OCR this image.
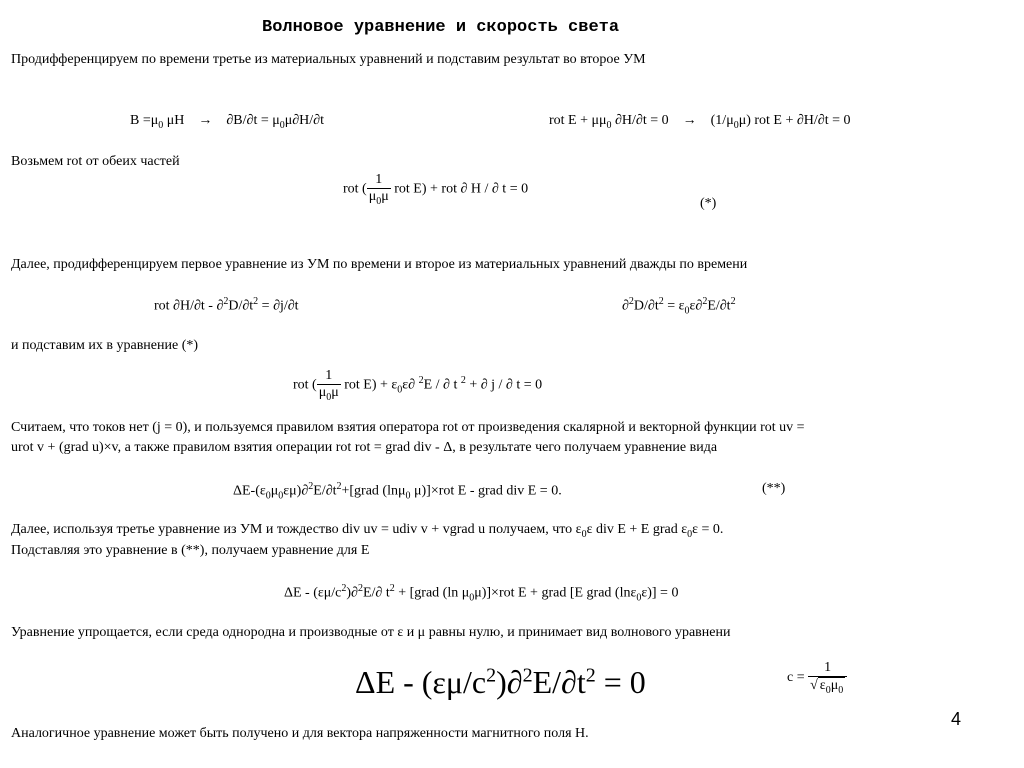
Волновое уравнение и скорость света
Продифференцируем по времени третье из материальных уравнений и подставим результат во второе УМ
$B =\mu_0$ $\mu H \to \partial B/\partial t = \mu_0\mu\partial H/\partial t$	rot $E + \mu\mu_0$ $\partial H/\partial t = 0 \to (1/\mu_0\mu)$ rot E + ∂H/∂t = 0
Возьмем rot от обеих частей
rot ( $\frac{1}{\mu_0\mu}$ rot E) + rot ∂ H / ∂ t = 0
(*)
Далее, продифференцируем первое уравнение из УМ по времени и второе из материальных уравнений дважды по времени
rot $\partial H/\partial t - \partial^2D/\partial t^2 = \partial j/\partial t$	$\partial^2D/\partial t^2 = \varepsilon_0\varepsilon\partial^2E/\partial t^2$
и подставим их в уравнение (*)
rot ( $\frac{1}{\mu_0\mu}$ rot $E) + \varepsilon_0\varepsilon\partial$ $^2$E / ∂ t $^2$ + ∂ j / ∂ t = 0
Считаем, что токов нет (j = 0), и пользуемся правилом взятия оператора rot от произведения скалярной и векторной функции rot uv =
urot v + (grad u)×v, а также правилом взятия операции rot rot = grad div - Δ, в результате чего получаем уравнение вида
$\Delta E-(\varepsilon_0\mu_0\varepsilon\mu)\partial^2E/\partial t^2+[grad$ (lnμ$_0$ μ)]×rot E - grad div E = 0.	(**)
Далее, используя третье уравнение из УМ и тождество div uv = udiv v + vgrad u получаем, что $\varepsilon_0\varepsilon$ div E + E grad $\varepsilon_0\varepsilon = 0$.
Подставляя это уравнение в (**), получаем уравнение для E
ΔE - $(\varepsilon\mu/c^2)\partial^2E/\partial$ $t^2$ + [grad (ln $\mu_0\mu)]\times rot$ E + grad [E grad (lnε$_0$ε)] = 0
Уравнение упрощается, если среда однородна и производные от ε и μ равны нулю, и принимает вид волнового уравнени
$\Delta E - (\varepsilon\mu/c^2)\partial^2E/\partial t^2 = 0$	$c = \frac{1}{√ \varepsilon_0\mu_0}$
4
Аналогичное уравнение может быть получено и для вектора напряженности магнитного поля H.
